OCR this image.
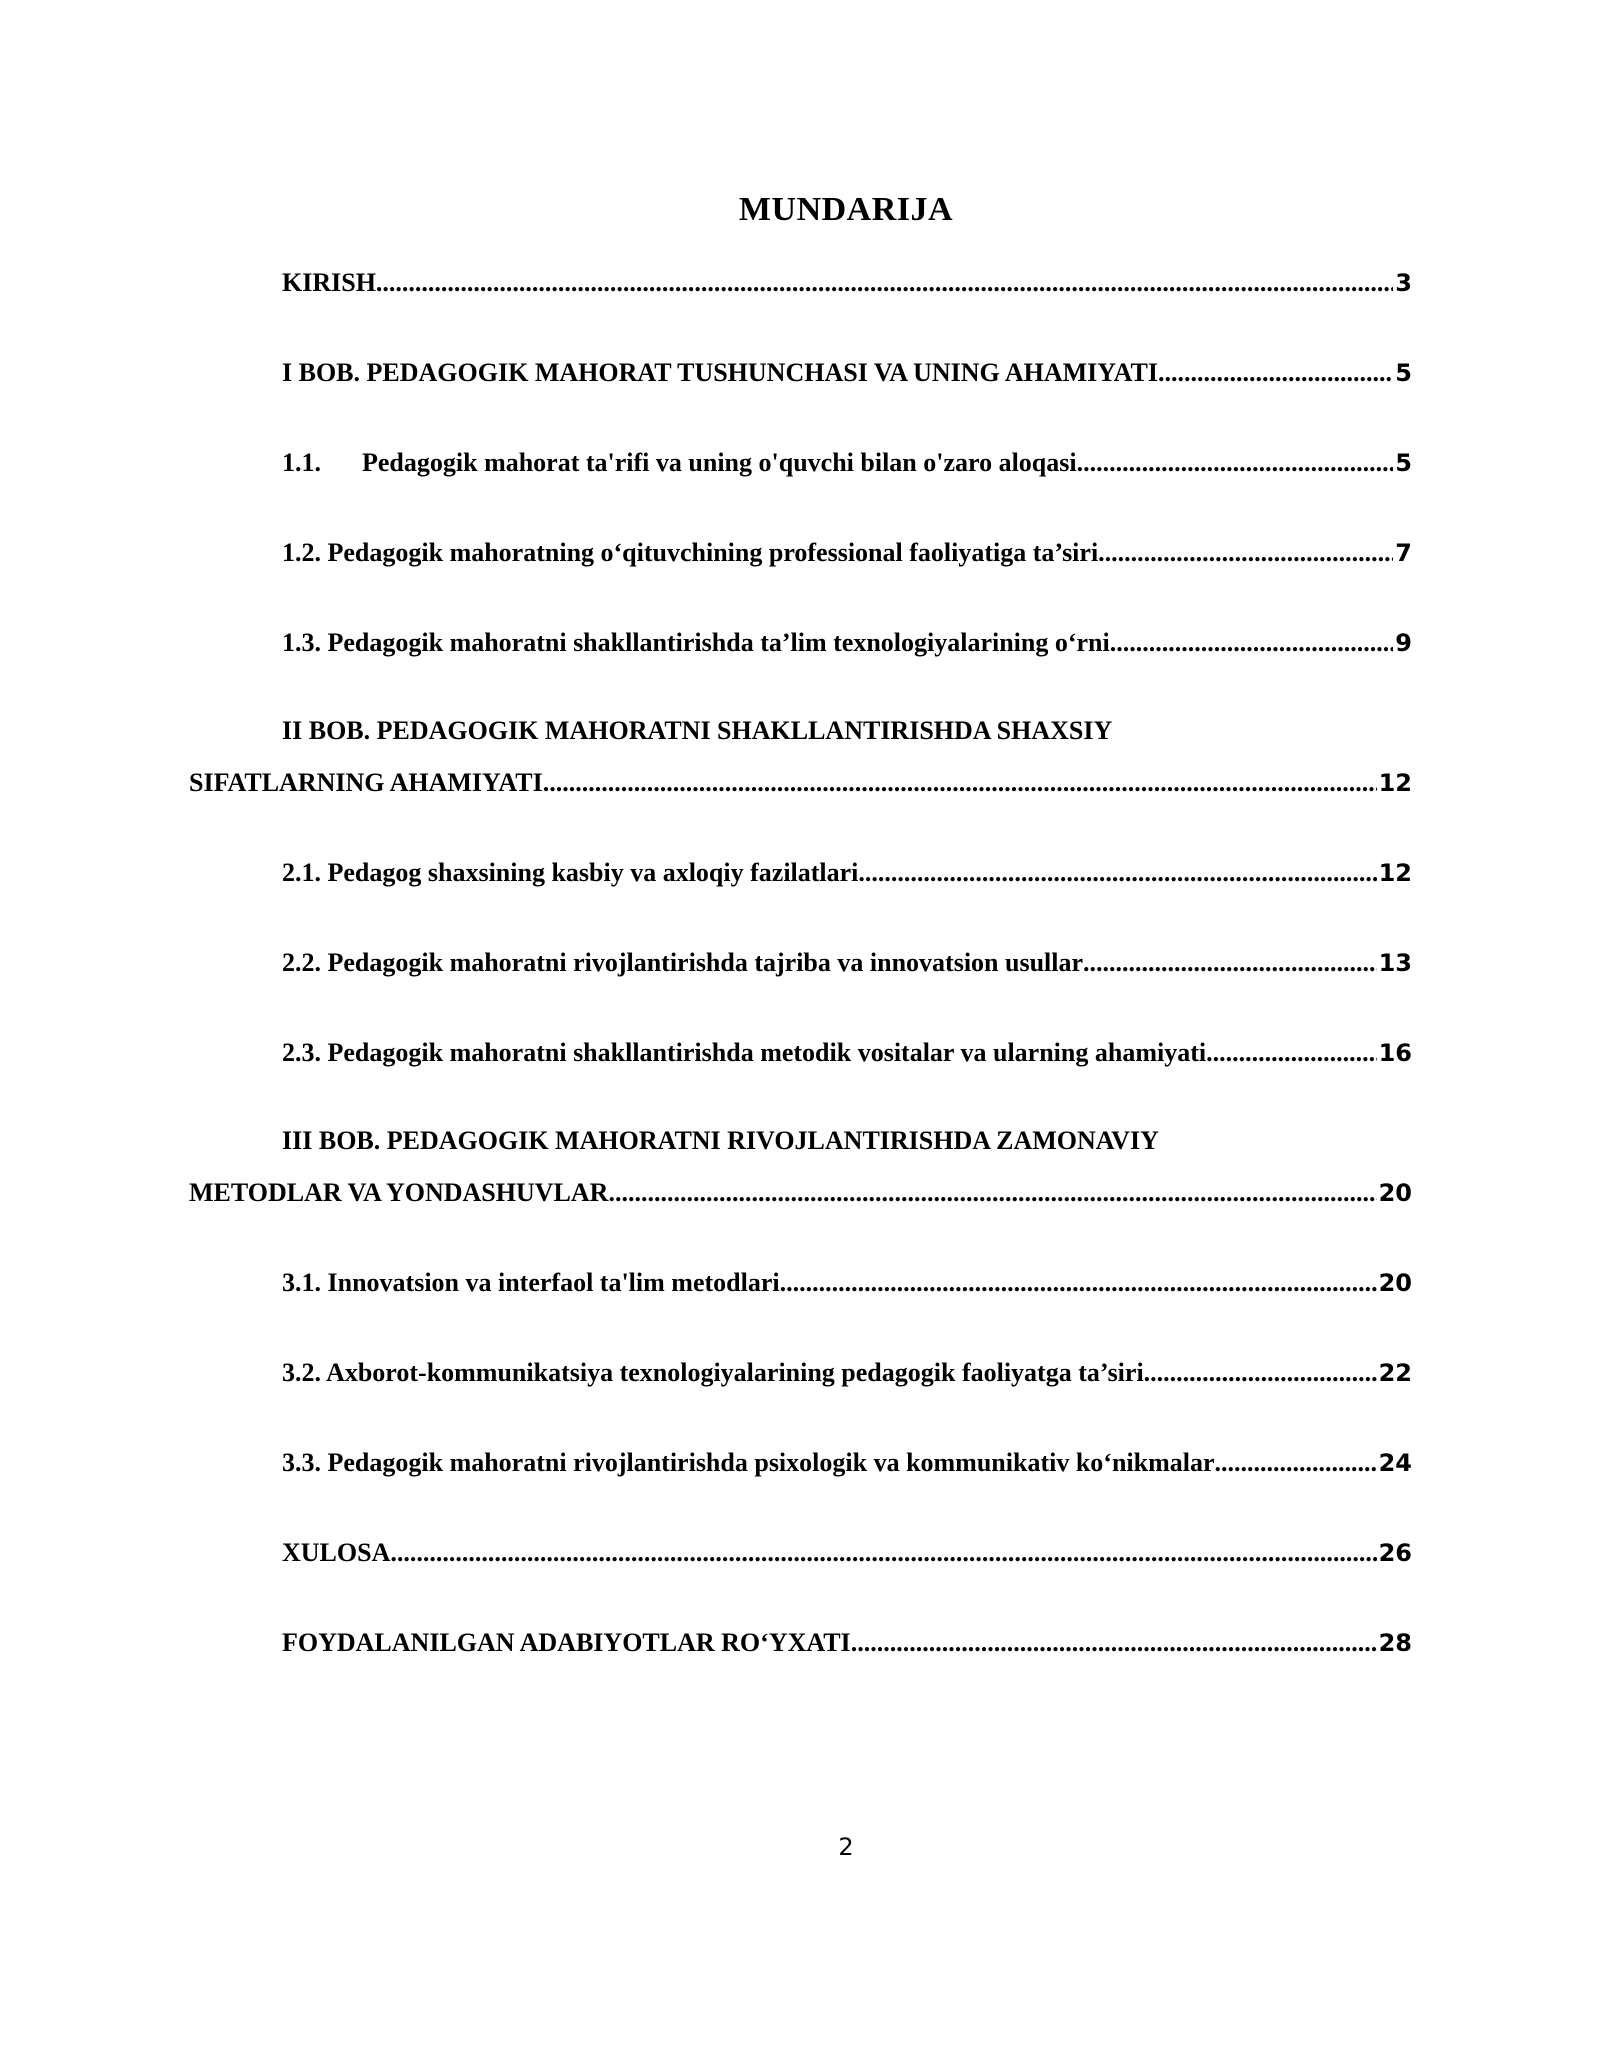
MUNDARIJA
KIRISH .....	3
I BOB. PEDAGOGIK MAHORAT TUSHUNCHASI VA UNING AHAMIYATI .....	5
1.1.	Pedagogik mahorat ta'rifi va uning o'quvchi bilan o'zaro aloqasi .....	5
1.2. Pedagogik mahoratning o‘qituvchining professional faoliyatiga ta’siri .....	7
1.3. Pedagogik mahoratni shakllantirishda ta’lim texnologiyalarining o‘rni .....	9
II BOB. PEDAGOGIK MAHORATNI SHAKLLANTIRISHDA SHAXSIY
SIFATLARNING AHAMIYATI .....	12
2.1. Pedagog shaxsining kasbiy va axloqiy fazilatlari .....	12
2.2. Pedagogik mahoratni rivojlantirishda tajriba va innovatsion usullar .....	13
2.3. Pedagogik mahoratni shakllantirishda metodik vositalar va ularning ahamiyati .....	16
III BOB. PEDAGOGIK MAHORATNI RIVOJLANTIRISHDA ZAMONAVIY
METODLAR VA YONDASHUVLAR .....	20
3.1. Innovatsion va interfaol ta'lim metodlari .....	20
3.2. Axborot-kommunikatsiya texnologiyalarining pedagogik faoliyatga ta’siri .....	22
3.3. Pedagogik mahoratni rivojlantirishda psixologik va kommunikativ ko‘nikmalar .....	24
XULOSA .....	26
FOYDALANILGAN ADABIYOTLAR RO‘YXATI .....	28
2
